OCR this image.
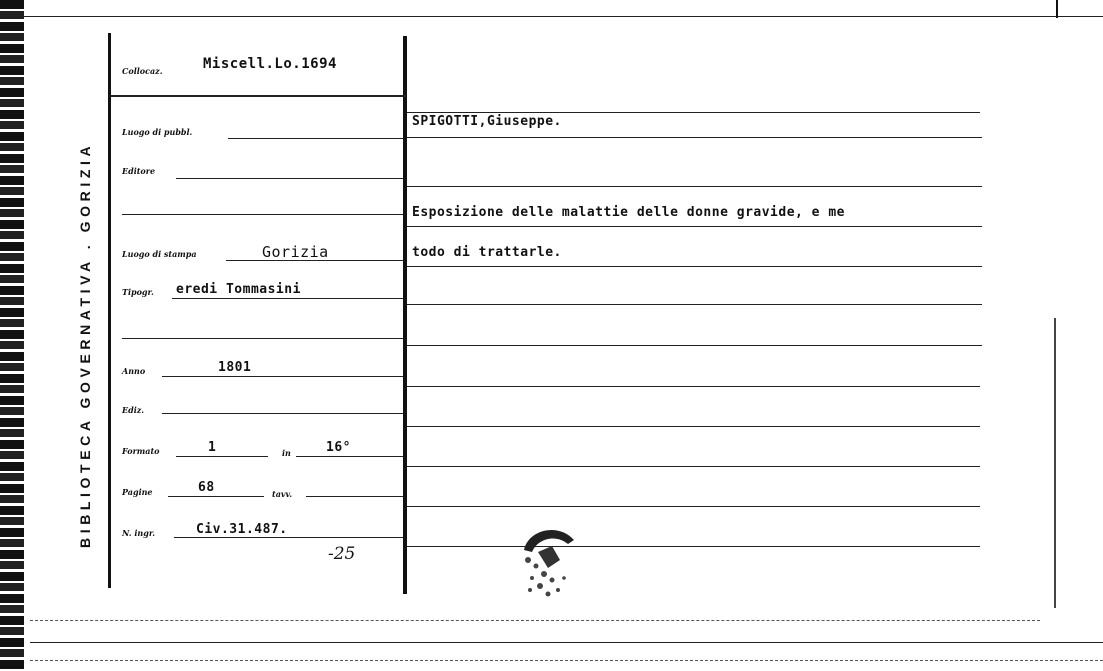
BIBLIOTECA GOVERNATIVA . GORIZIA
Collocaz.	Miscell.Lo.1694
Luogo di pubbl.
Editore
Luogo di stampa	Gorizia
Tipogr. eredi Tommasini
Anno	1801
Ediz.
Formato	1	in	16°
Pagine	68	tavv.
N. ingr.	Civ.31.487.
-25
SPIGOTTI,Giuseppe.
Esposizione delle malattie delle donne gravide, e me
todo di trattarle.
